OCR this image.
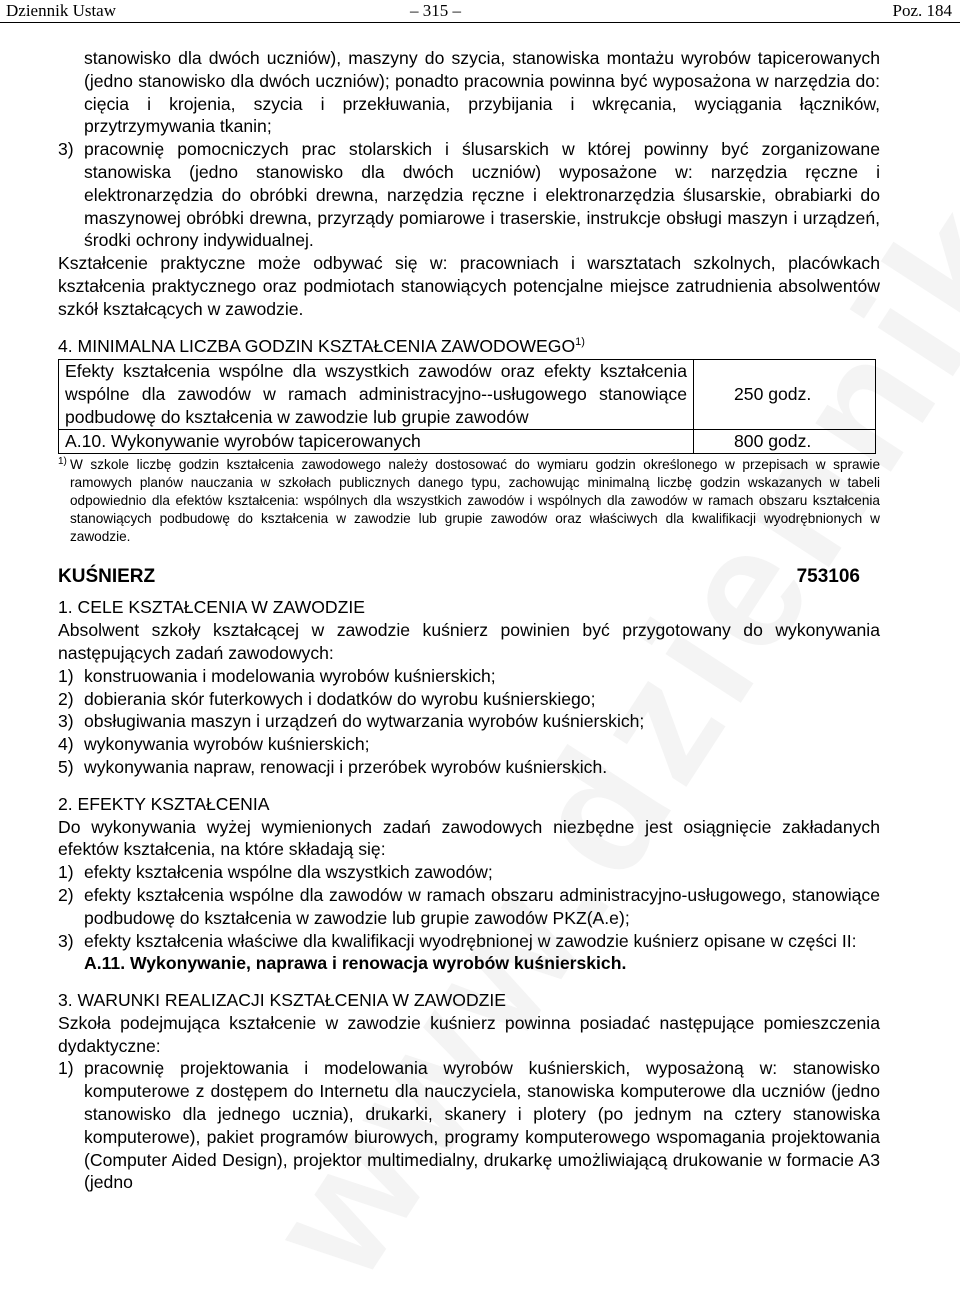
Dziennik Ustaw	– 315 –	Poz. 184

stanowisko dla dwóch uczniów), maszyny do szycia, stanowiska montażu wyrobów tapicerowanych (jedno stanowisko dla dwóch uczniów); ponadto pracownia powinna być wyposażona w narzędzia do: cięcia i krojenia, szycia i przekłuwania, przybijania i wkręcania, wyciągania łączników, przytrzymywania tkanin;

3) pracownię pomocniczych prac stolarskich i ślusarskich w której powinny być zorganizowane stanowiska (jedno stanowisko dla dwóch uczniów) wyposażone w: narzędzia ręczne i elektronarzędzia do obróbki drewna, narzędzia ręczne i elektronarzędzia ślusarskie, obrabiarki do maszynowej obróbki drewna, przyrządy pomiarowe i traserskie, instrukcje obsługi maszyn i urządzeń, środki ochrony indywidualnej.

Kształcenie praktyczne może odbywać się w: pracowniach i warsztatach szkolnych, placówkach kształcenia praktycznego oraz podmiotach stanowiących potencjalne miejsce zatrudnienia absolwentów szkół kształcących w zawodzie.

4. MINIMALNA LICZBA GODZIN KSZTAŁCENIA ZAWODOWEGO$^{1)}$
Efekty kształcenia wspólne dla wszystkich zawodów oraz efekty kształcenia wspólne dla zawodów w ramach administracyjno--usługowego stanowiące podbudowę do kształcenia w zawodzie lub grupie zawodów	250 godz.
A.10. Wykonywanie wyrobów tapicerowanych	800 godz.
1) W szkole liczbę godzin kształcenia zawodowego należy dostosować do wymiaru godzin określonego w przepisach w sprawie ramowych planów nauczania w szkołach publicznych danego typu, zachowując minimalną liczbę godzin wskazanych w tabeli odpowiednio dla efektów kształcenia: wspólnych dla wszystkich zawodów i wspólnych dla zawodów w ramach obszaru kształcenia stanowiących podbudowę do kształcenia w zawodzie lub grupie zawodów oraz właściwych dla kwalifikacji wyodrębnionych w zawodzie.
KUŚNIERZ	753106
1. CELE KSZTAŁCENIA W ZAWODZIE

Absolwent szkoły kształcącej w zawodzie kuśnierz powinien być przygotowany do wykonywania następujących zadań zawodowych:

1) konstruowania i modelowania wyrobów kuśnierskich;
2) dobierania skór futerkowych i dodatków do wyrobu kuśnierskiego;
3) obsługiwania maszyn i urządzeń do wytwarzania wyrobów kuśnierskich;
4) wykonywania wyrobów kuśnierskich;
5) wykonywania napraw, renowacji i przeróbek wyrobów kuśnierskich.
2. EFEKTY KSZTAŁCENIA

Do wykonywania wyżej wymienionych zadań zawodowych niezbędne jest osiągnięcie zakładanych efektów kształcenia, na które składają się:

1) efekty kształcenia wspólne dla wszystkich zawodów;
2) efekty kształcenia wspólne dla zawodów w ramach obszaru administracyjno-usługowego, stanowiące podbudowę do kształcenia w zawodzie lub grupie zawodów PKZ(A.e);
3) efekty kształcenia właściwe dla kwalifikacji wyodrębnionej w zawodzie kuśnierz opisane w części II:

A.11. Wykonywanie, naprawa i renowacja wyrobów kuśnierskich.

3. WARUNKI REALIZACJI KSZTAŁCENIA W ZAWODZIE

Szkoła podejmująca kształcenie w zawodzie kuśnierz powinna posiadać następujące pomieszczenia dydaktyczne:

1) pracownię projektowania i modelowania wyrobów kuśnierskich, wyposażoną w: stanowisko komputerowe z dostępem do Internetu dla nauczyciela, stanowiska komputerowe dla uczniów (jedno stanowisko dla jednego ucznia), drukarki, skanery i plotery (po jednym na cztery stanowiska komputerowe), pakiet programów biurowych, programy komputerowego wspomagania projektowania (Computer Aided Design), projektor multimedialny, drukarkę umożliwiającą drukowanie w formacie A3 (jedno
